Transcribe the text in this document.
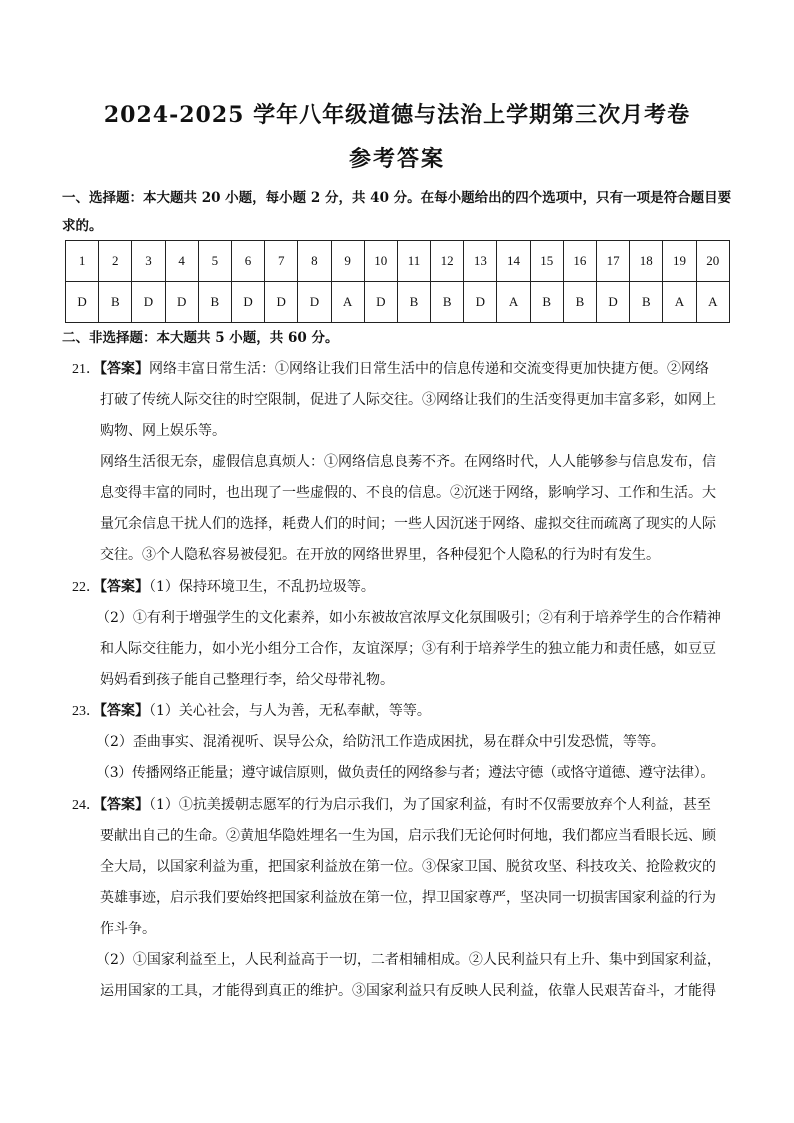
2024-2025 学年八年级道德与法治上学期第三次月考卷
参考答案
一、选择题：本大题共 20 小题，每小题 2 分，共 40 分。在每小题给出的四个选项中，只有一项是符合题目要求的。
1	2	3	4	5	6	7	8	9	10	11	12	13	14	15	16	17	18	19	20
D	B	D	D	B	D	D	D	A	D	B	B	D	A	B	B	D	B	A	A
二、非选择题：本大题共 5 小题，共 60 分。

21．【答案】网络丰富日常生活：①网络让我们日常生活中的信息传递和交流变得更加快捷方便。②网络

打破了传统人际交往的时空限制，促进了人际交往。③网络让我们的生活变得更加丰富多彩，如网上

购物、网上娱乐等。

网络生活很无奈，虚假信息真烦人：①网络信息良莠不齐。在网络时代，人人能够参与信息发布，信

息变得丰富的同时，也出现了一些虚假的、不良的信息。②沉迷于网络，影响学习、工作和生活。大

量冗余信息干扰人们的选择，耗费人们的时间；一些人因沉迷于网络、虚拟交往而疏离了现实的人际

交往。③个人隐私容易被侵犯。在开放的网络世界里，各种侵犯个人隐私的行为时有发生。

22．【答案】（1）保持环境卫生，不乱扔垃圾等。

（2）①有利于增强学生的文化素养，如小东被故宫浓厚文化氛围吸引；②有利于培养学生的合作精神

和人际交往能力，如小光小组分工合作，友谊深厚；③有利于培养学生的独立能力和责任感，如豆豆

妈妈看到孩子能自己整理行李，给父母带礼物。

23．【答案】（1）关心社会，与人为善，无私奉献，等等。

（2）歪曲事实、混淆视听、误导公众，给防汛工作造成困扰，易在群众中引发恐慌，等等。

（3）传播网络正能量；遵守诚信原则，做负责任的网络参与者；遵法守德（或恪守道德、遵守法律）。

24．【答案】（1）①抗美援朝志愿军的行为启示我们，为了国家利益，有时不仅需要放弃个人利益，甚至

要献出自己的生命。②黄旭华隐姓埋名一生为国，启示我们无论何时何地，我们都应当看眼长远、顾

全大局，以国家利益为重，把国家利益放在第一位。③保家卫国、脱贫攻坚、科技攻关、抢险救灾的

英雄事迹，启示我们要始终把国家利益放在第一位，捍卫国家尊严，坚决同一切损害国家利益的行为

作斗争。

（2）①国家利益至上，人民利益高于一切，二者相辅相成。②人民利益只有上升、集中到国家利益，

运用国家的工具，才能得到真正的维护。③国家利益只有反映人民利益，依靠人民艰苦奋斗，才能得
